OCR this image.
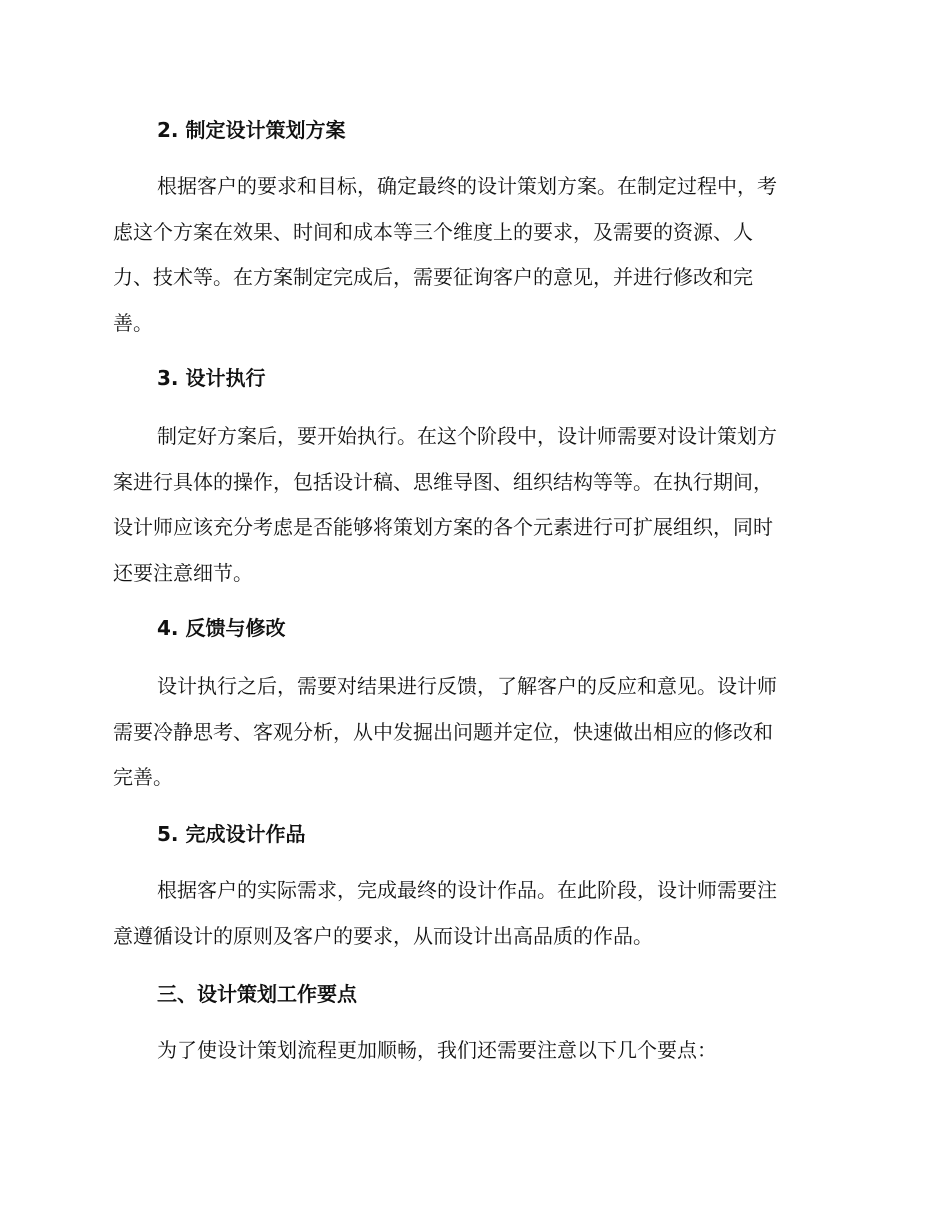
2. 制定设计策划方案
根据客户的要求和目标，确定最终的设计策划方案。在制定过程中，考
虑这个方案在效果、时间和成本等三个维度上的要求，及需要的资源、人
力、技术等。在方案制定完成后，需要征询客户的意见，并进行修改和完
善。
3. 设计执行
制定好方案后，要开始执行。在这个阶段中，设计师需要对设计策划方
案进行具体的操作，包括设计稿、思维导图、组织结构等等。在执行期间，
设计师应该充分考虑是否能够将策划方案的各个元素进行可扩展组织，同时
还要注意细节。
4. 反馈与修改
设计执行之后，需要对结果进行反馈，了解客户的反应和意见。设计师
需要冷静思考、客观分析，从中发掘出问题并定位，快速做出相应的修改和
完善。
5. 完成设计作品
根据客户的实际需求，完成最终的设计作品。在此阶段，设计师需要注
意遵循设计的原则及客户的要求，从而设计出高品质的作品。
三、设计策划工作要点
为了使设计策划流程更加顺畅，我们还需要注意以下几个要点：
